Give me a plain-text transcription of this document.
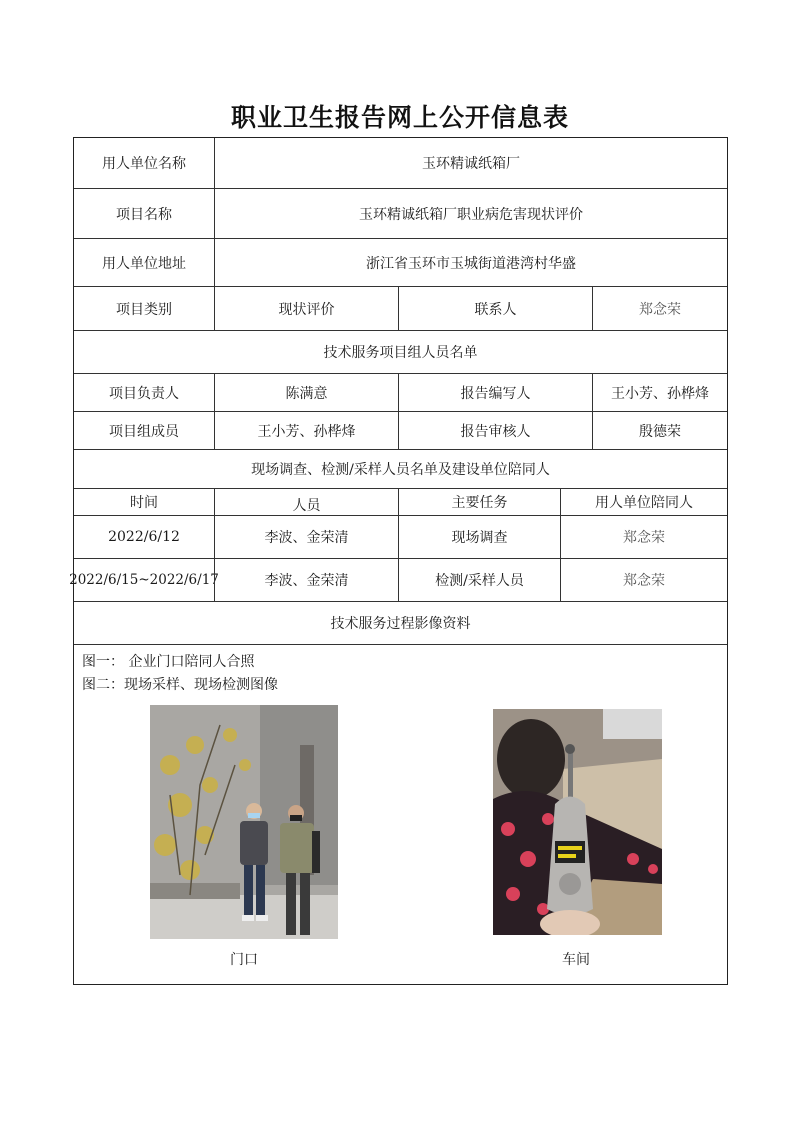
职业卫生报告网上公开信息表
用人单位名称	玉环精诚纸箱厂
项目名称	玉环精诚纸箱厂职业病危害现状评价
用人单位地址	浙江省玉环市玉城街道港湾村华盛
项目类别	现状评价	联系人	郑念荣
技术服务项目组人员名单
项目负责人	陈满意	报告编写人	王小芳、孙桦烽
项目组成员	王小芳、孙桦烽	报告审核人	殷德荣
现场调查、检测/采样人员名单及建设单位陪同人
时间	人员	主要任务	用人单位陪同人
2022/6/12	李波、金荣清	现场调查	郑念荣
2022/6/15~2022/6/17	李波、金荣清	检测/采样人员	郑念荣
技术服务过程影像资料
图一： 企业门口陪同人合照
图二：现场采样、现场检测图像
门口	车间
